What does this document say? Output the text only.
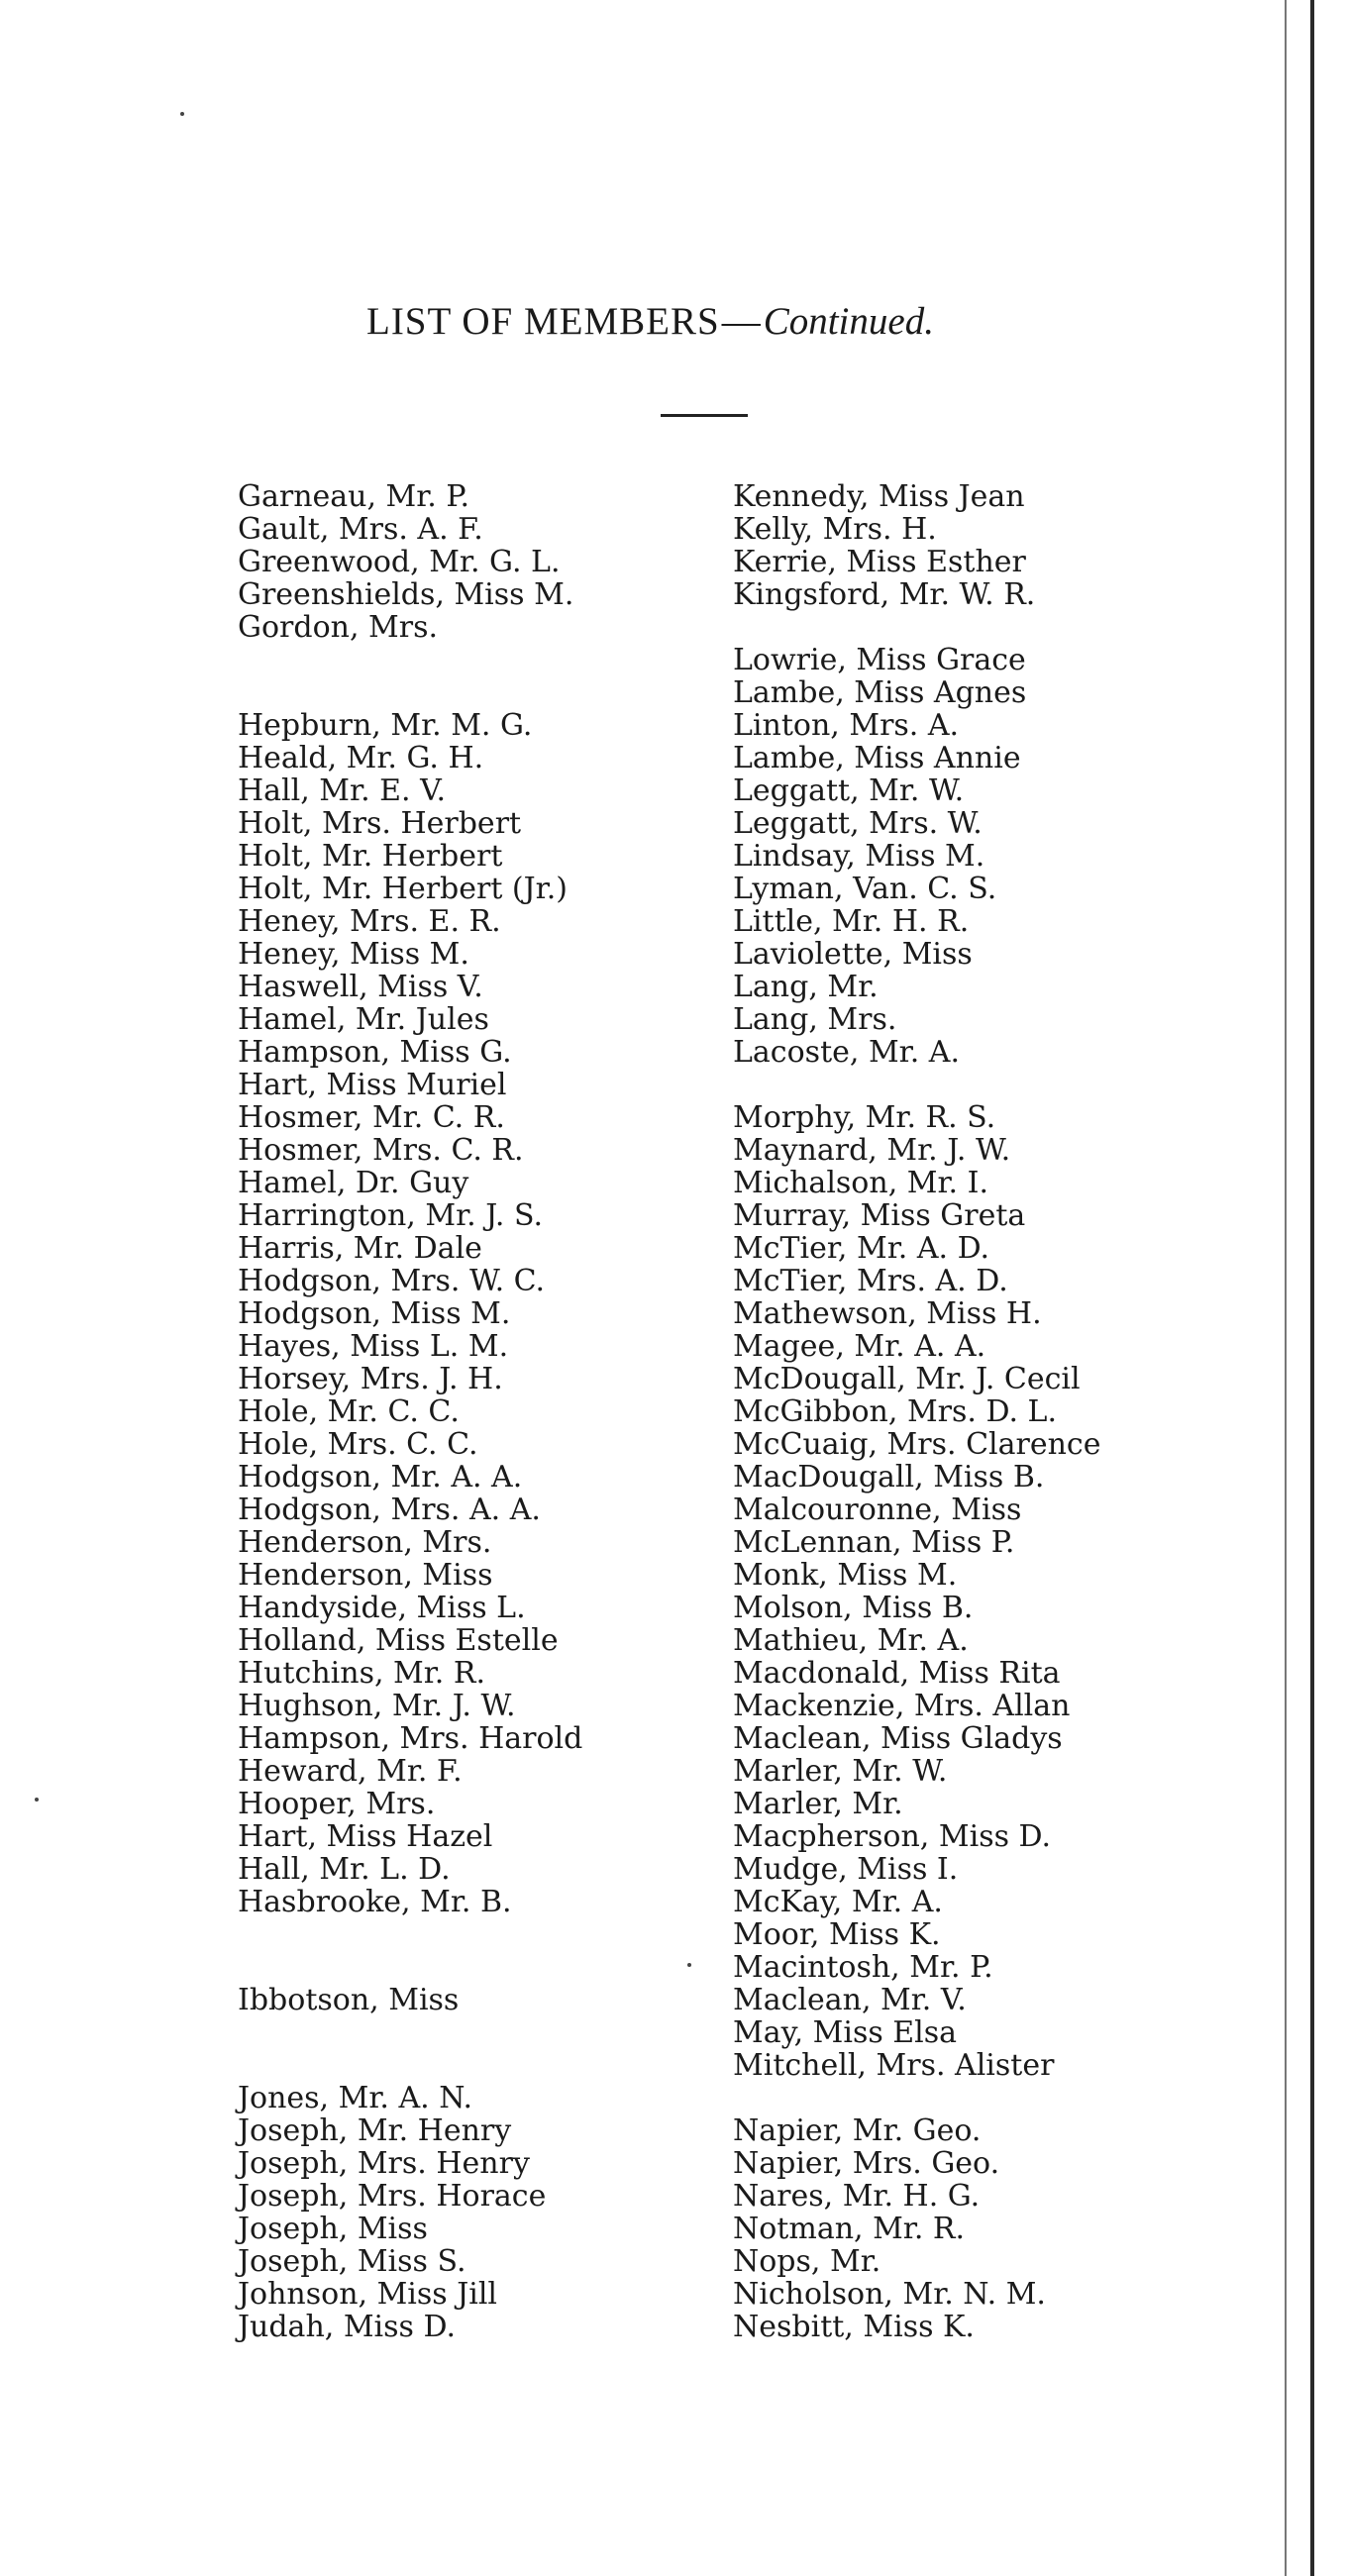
LIST OF MEMBERS—Continued.
Garneau, Mr. P.
Gault, Mrs. A. F.
Greenwood, Mr. G. L.
Greenshields, Miss M.
Gordon, Mrs.
Hepburn, Mr. M. G.
Heald, Mr. G. H.
Hall, Mr. E. V.
Holt, Mrs. Herbert
Holt, Mr. Herbert
Holt, Mr. Herbert (Jr.)
Heney, Mrs. E. R.
Heney, Miss M.
Haswell, Miss V.
Hamel, Mr. Jules
Hampson, Miss G.
Hart, Miss Muriel
Hosmer, Mr. C. R.
Hosmer, Mrs. C. R.
Hamel, Dr. Guy
Harrington, Mr. J. S.
Harris, Mr. Dale
Hodgson, Mrs. W. C.
Hodgson, Miss M.
Hayes, Miss L. M.
Horsey, Mrs. J. H.
Hole, Mr. C. C.
Hole, Mrs. C. C.
Hodgson, Mr. A. A.
Hodgson, Mrs. A. A.
Henderson, Mrs.
Henderson, Miss
Handyside, Miss L.
Holland, Miss Estelle
Hutchins, Mr. R.
Hughson, Mr. J. W.
Hampson, Mrs. Harold
Heward, Mr. F.
Hooper, Mrs.
Hart, Miss Hazel
Hall, Mr. L. D.
Hasbrooke, Mr. B.
Ibbotson, Miss
Jones, Mr. A. N.
Joseph, Mr. Henry
Joseph, Mrs. Henry
Joseph, Mrs. Horace
Joseph, Miss
Joseph, Miss S.
Johnson, Miss Jill
Judah, Miss D.
Kennedy, Miss Jean
Kelly, Mrs. H.
Kerrie, Miss Esther
Kingsford, Mr. W. R.
Lowrie, Miss Grace
Lambe, Miss Agnes
Linton, Mrs. A.
Lambe, Miss Annie
Leggatt, Mr. W.
Leggatt, Mrs. W.
Lindsay, Miss M.
Lyman, Van. C. S.
Little, Mr. H. R.
Laviolette, Miss
Lang, Mr.
Lang, Mrs.
Lacoste, Mr. A.
Morphy, Mr. R. S.
Maynard, Mr. J. W.
Michalson, Mr. I.
Murray, Miss Greta
McTier, Mr. A. D.
McTier, Mrs. A. D.
Mathewson, Miss H.
Magee, Mr. A. A.
McDougall, Mr. J. Cecil
McGibbon, Mrs. D. L.
McCuaig, Mrs. Clarence
MacDougall, Miss B.
Malcouronne, Miss
McLennan, Miss P.
Monk, Miss M.
Molson, Miss B.
Mathieu, Mr. A.
Macdonald, Miss Rita
Mackenzie, Mrs. Allan
Maclean, Miss Gladys
Marler, Mr. W.
Marler, Mr.
Macpherson, Miss D.
Mudge, Miss I.
McKay, Mr. A.
Moor, Miss K.
Macintosh, Mr. P.
Maclean, Mr. V.
May, Miss Elsa
Mitchell, Mrs. Alister
Napier, Mr. Geo.
Napier, Mrs. Geo.
Nares, Mr. H. G.
Notman, Mr. R.
Nops, Mr.
Nicholson, Mr. N. M.
Nesbitt, Miss K.
